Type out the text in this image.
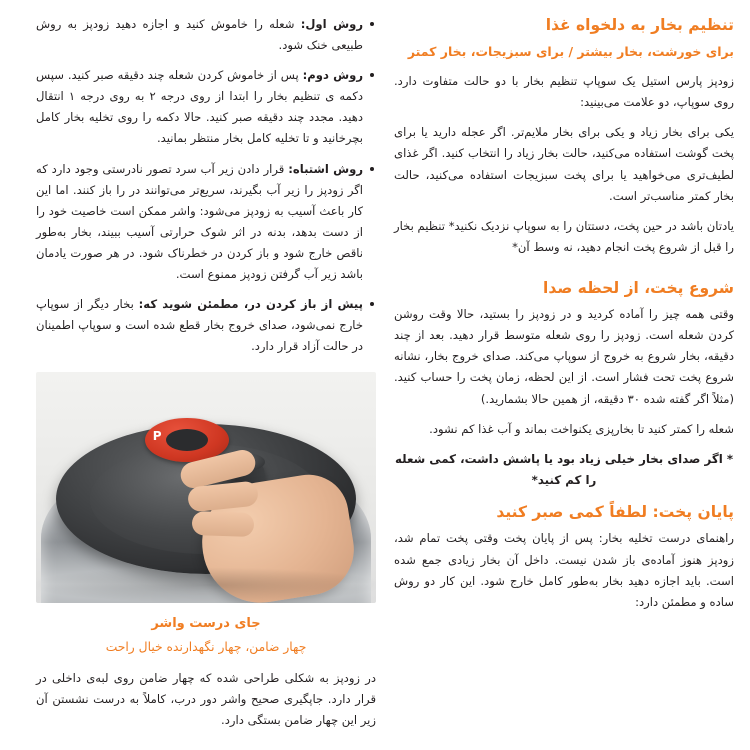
تنظیم بخار به دلخواه غذا
برای خورشت، بخار بیشتر / برای سبزیجات، بخار کمتر

زودپز پارس استیل یک سوپاپ تنظیم بخار با دو حالت متفاوت دارد. روی سوپاپ، دو علامت می‌بینید:

یکی برای بخار زیاد و یکی برای بخار ملایم‌تر. اگر عجله دارید یا برای پخت گوشت استفاده می‌کنید، حالت بخار زیاد را انتخاب کنید. اگر غذای لطیف‌تری می‌خواهید یا برای پخت سبزیجات استفاده می‌کنید، حالت بخار کمتر مناسب‌تر است.

یادتان باشد در حین پخت، دستتان را به سوپاپ نزدیک نکنید* تنظیم بخار را قبل از شروع پخت انجام دهید، نه وسط آن*

شروع پخت، از لحظه صدا

وقتی همه چیز را آماده کردید و در زودپز را بستید، حالا وقت روشن کردن شعله است. زودپز را روی شعله متوسط قرار دهید. بعد از چند دقیقه، بخار شروع به خروج از سوپاپ می‌کند. صدای خروج بخار، نشانه شروع پخت تحت فشار است. از این لحظه، زمان پخت را حساب کنید. (مثلاً اگر گفته شده ۳۰ دقیقه، از همین حالا بشمارید.)

شعله را کمتر کنید تا بخارپزی یکنواخت بماند و آب غذا کم نشود.

* اگر صدای بخار خیلی زیاد بود یا پاشش داشت، کمی شعله را کم کنید*

پایان پخت: لطفاً کمی صبر کنید

راهنمای درست تخلیه بخار: پس از پایان پخت وقتی پخت تمام شد، زودپز هنوز آماده‌ی باز شدن نیست. داخل آن بخار زیادی جمع شده است. باید اجازه دهید بخار به‌طور کامل خارج شود. این کار دو روش ساده و مطمئن دارد:

روش اول: شعله را خاموش کنید و اجازه دهید زودپز به روش طبیعی خنک شود.
روش دوم: پس از خاموش کردن شعله چند دقیقه صبر کنید. سپس دکمه ی تنظیم بخار را ابتدا از روی درجه ۲ به روی درجه ۱ انتقال دهید. مجدد چند دقیقه صبر کنید. حالا دکمه را روی تخلیه بخار کامل بچرخانید و تا تخلیه کامل بخار منتظر بمانید.
روش اشتباه: قرار دادن زیر آب سرد تصور نادرستی وجود دارد که اگر زودپز را زیر آب بگیرند، سریع‌تر می‌توانند در را باز کنند. اما این کار باعث آسیب به زودپز می‌شود: واشر ممکن است خاصیت خود را از دست بدهد، بدنه در اثر شوک حرارتی آسیب ببیند، بخار به‌طور ناقص خارج شود و باز کردن در خطرناک شود. در هر صورت یادمان باشد زیر آب گرفتن زودپز ممنوع است.
پیش از باز کردن در، مطمئن شوید که: بخار دیگر از سوپاپ خارج نمی‌شود، صدای خروج بخار قطع شده است و سوپاپ اطمینان در حالت آزاد قرار دارد.
P
جای درست واشر
چهار ضامن، چهار نگهدارنده خیال راحت

در زودپز به شکلی طراحی شده که چهار ضامن روی لبه‌ی داخلی در قرار دارد. جاپگیری صحیح واشر دور درب، کاملاً به درست نشستن آن زیر این چهار ضامن بستگی دارد.
